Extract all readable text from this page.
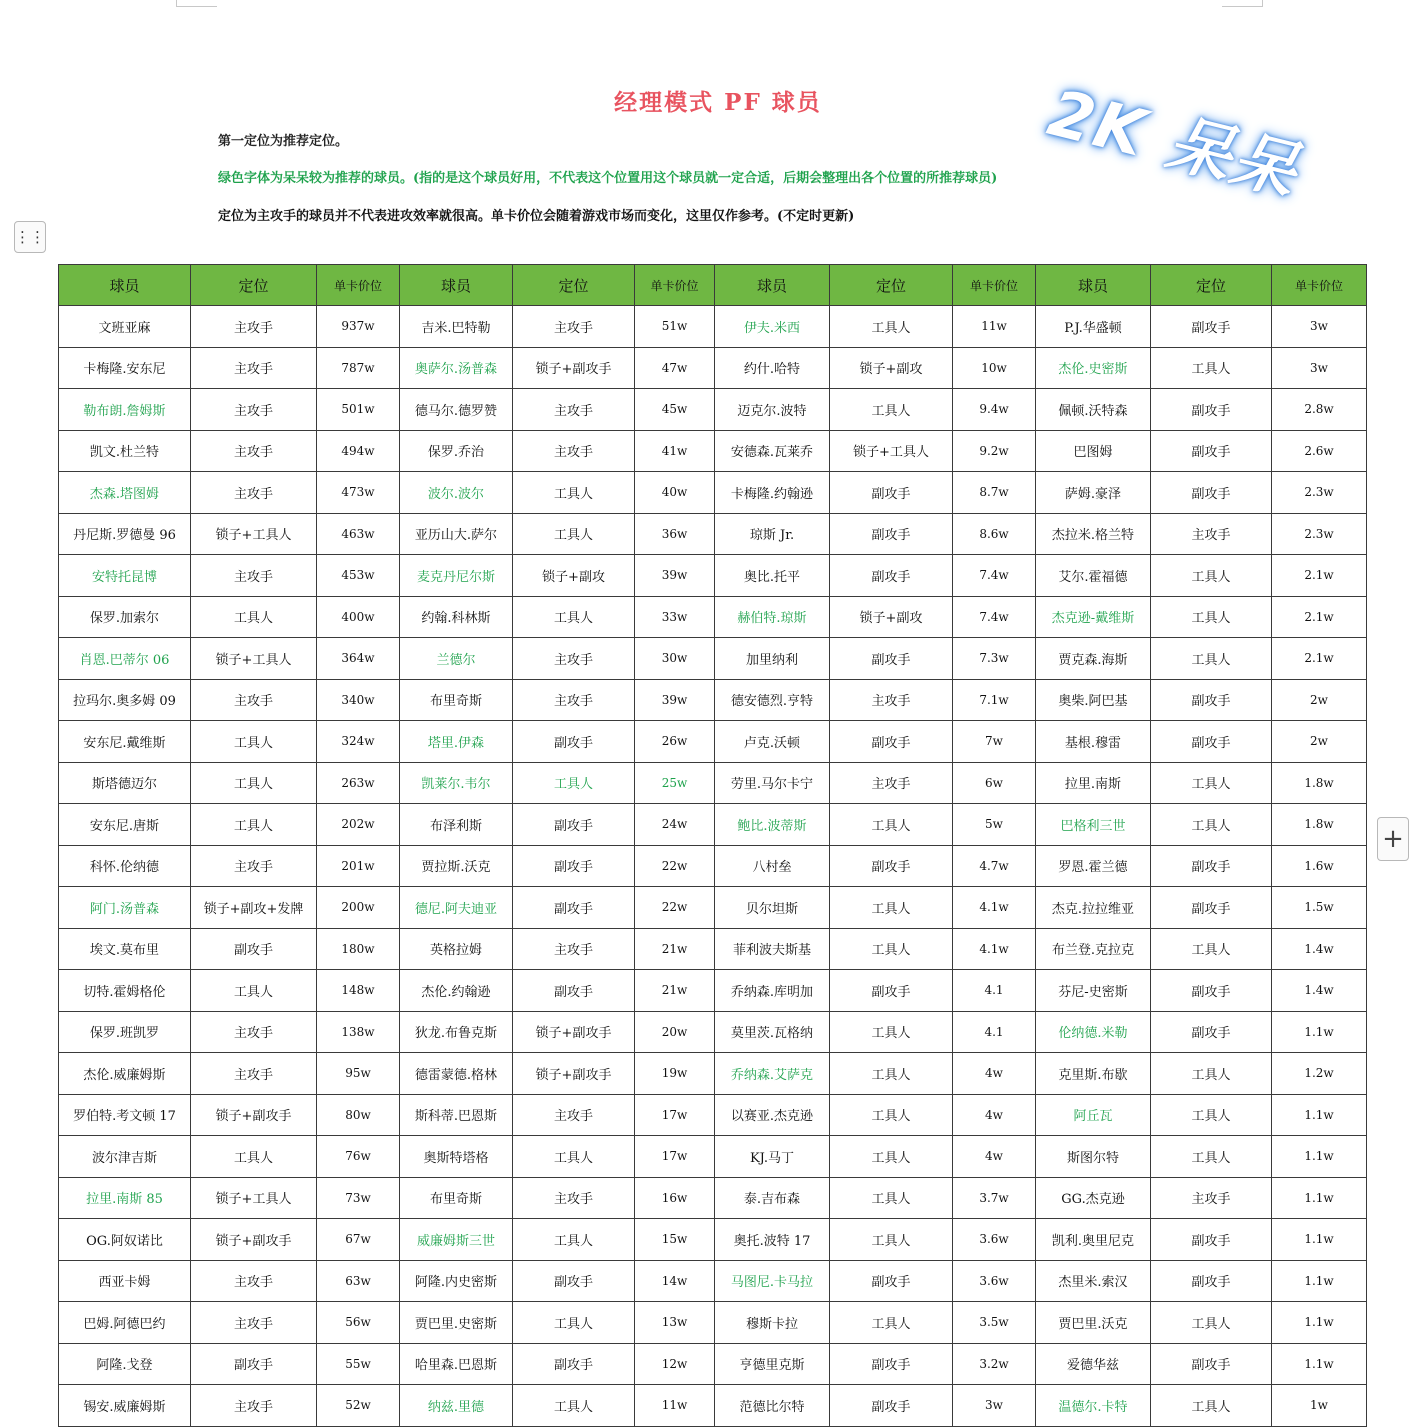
经理模式 PF 球员
第一定位为推荐定位。
绿色字体为呆呆较为推荐的球员。(指的是这个球员好用，不代表这个位置用这个球员就一定合适，后期会整理出各个位置的所推荐球员)
定位为主攻手的球员并不代表进攻效率就很高。单卡价位会随着游戏市场而变化，这里仅作参考。(不定时更新)
2K 呆呆
⋮⋮
+
球员	定位	单卡价位	球员	定位	单卡价位	球员	定位	单卡价位	球员	定位	单卡价位
文班亚麻	主攻手	937w	吉米.巴特勒	主攻手	51w	伊夫.米西	工具人	11w	P.J.华盛顿	副攻手	3w
卡梅隆.安东尼	主攻手	787w	奥萨尔.汤普森	锁子+副攻手	47w	约什.哈特	锁子+副攻	10w	杰伦.史密斯	工具人	3w
勒布朗.詹姆斯	主攻手	501w	德马尔.德罗赞	主攻手	45w	迈克尔.波特	工具人	9.4w	佩顿.沃特森	副攻手	2.8w
凯文.杜兰特	主攻手	494w	保罗.乔治	主攻手	41w	安德森.瓦莱乔	锁子+工具人	9.2w	巴图姆	副攻手	2.6w
杰森.塔图姆	主攻手	473w	波尔.波尔	工具人	40w	卡梅隆.约翰逊	副攻手	8.7w	萨姆.豪泽	副攻手	2.3w
丹尼斯.罗德曼 96	锁子+工具人	463w	亚历山大.萨尔	工具人	36w	琼斯 Jr.	副攻手	8.6w	杰拉米.格兰特	主攻手	2.3w
安特托昆博	主攻手	453w	麦克丹尼尔斯	锁子+副攻	39w	奥比.托平	副攻手	7.4w	艾尔.霍福德	工具人	2.1w
保罗.加索尔	工具人	400w	约翰.科林斯	工具人	33w	赫伯特.琼斯	锁子+副攻	7.4w	杰克逊-戴维斯	工具人	2.1w
肖恩.巴蒂尔 06	锁子+工具人	364w	兰德尔	主攻手	30w	加里纳利	副攻手	7.3w	贾克森.海斯	工具人	2.1w
拉玛尔.奥多姆 09	主攻手	340w	布里奇斯	主攻手	39w	德安德烈.亨特	主攻手	7.1w	奥柴.阿巴基	副攻手	2w
安东尼.戴维斯	工具人	324w	塔里.伊森	副攻手	26w	卢克.沃顿	副攻手	7w	基根.穆雷	副攻手	2w
斯塔德迈尔	工具人	263w	凯莱尔.韦尔	工具人	25w	劳里.马尔卡宁	主攻手	6w	拉里.南斯	工具人	1.8w
安东尼.唐斯	工具人	202w	布泽利斯	副攻手	24w	鲍比.波蒂斯	工具人	5w	巴格利三世	工具人	1.8w
科怀.伦纳德	主攻手	201w	贾拉斯.沃克	副攻手	22w	八村垒	副攻手	4.7w	罗恩.霍兰德	副攻手	1.6w
阿门.汤普森	锁子+副攻+发牌	200w	德尼.阿夫迪亚	副攻手	22w	贝尔坦斯	工具人	4.1w	杰克.拉拉维亚	副攻手	1.5w
埃文.莫布里	副攻手	180w	英格拉姆	主攻手	21w	菲利波夫斯基	工具人	4.1w	布兰登.克拉克	工具人	1.4w
切特.霍姆格伦	工具人	148w	杰伦.约翰逊	副攻手	21w	乔纳森.库明加	副攻手	4.1	芬尼-史密斯	副攻手	1.4w
保罗.班凯罗	主攻手	138w	狄龙.布鲁克斯	锁子+副攻手	20w	莫里茨.瓦格纳	工具人	4.1	伦纳德.米勒	副攻手	1.1w
杰伦.威廉姆斯	主攻手	95w	德雷蒙德.格林	锁子+副攻手	19w	乔纳森.艾萨克	工具人	4w	克里斯.布歇	工具人	1.2w
罗伯特.考文顿 17	锁子+副攻手	80w	斯科蒂.巴恩斯	主攻手	17w	以赛亚.杰克逊	工具人	4w	阿丘瓦	工具人	1.1w
波尔津吉斯	工具人	76w	奥斯特塔格	工具人	17w	KJ.马丁	工具人	4w	斯图尔特	工具人	1.1w
拉里.南斯 85	锁子+工具人	73w	布里奇斯	主攻手	16w	泰.吉布森	工具人	3.7w	GG.杰克逊	主攻手	1.1w
OG.阿奴诺比	锁子+副攻手	67w	威廉姆斯三世	工具人	15w	奥托.波特 17	工具人	3.6w	凯利.奥里尼克	副攻手	1.1w
西亚卡姆	主攻手	63w	阿隆.内史密斯	副攻手	14w	马图尼.卡马拉	副攻手	3.6w	杰里米.索汉	副攻手	1.1w
巴姆.阿德巴约	主攻手	56w	贾巴里.史密斯	工具人	13w	穆斯卡拉	工具人	3.5w	贾巴里.沃克	工具人	1.1w
阿隆.戈登	副攻手	55w	哈里森.巴恩斯	副攻手	12w	亨德里克斯	副攻手	3.2w	爱德华兹	副攻手	1.1w
锡安.威廉姆斯	主攻手	52w	纳兹.里德	工具人	11w	范德比尔特	副攻手	3w	温德尔.卡特	工具人	1w
